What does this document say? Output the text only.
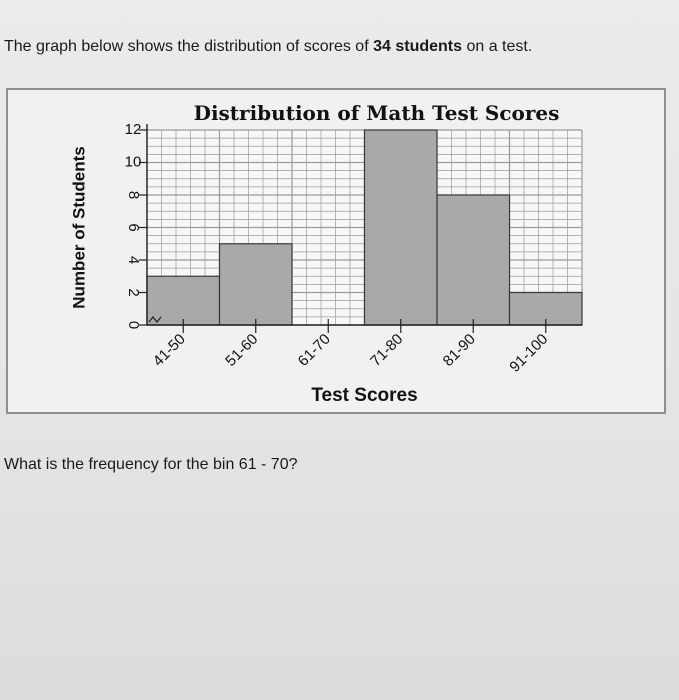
The graph below shows the distribution of scores of 34 students on a test.

Distribution of Math Test Scores
0
2
4
6
8
10
12
Number of Students
41-50 51-60 61-70 71-80 81-90 91-100
Test Scores

What is the frequency for the bin 61 - 70?
